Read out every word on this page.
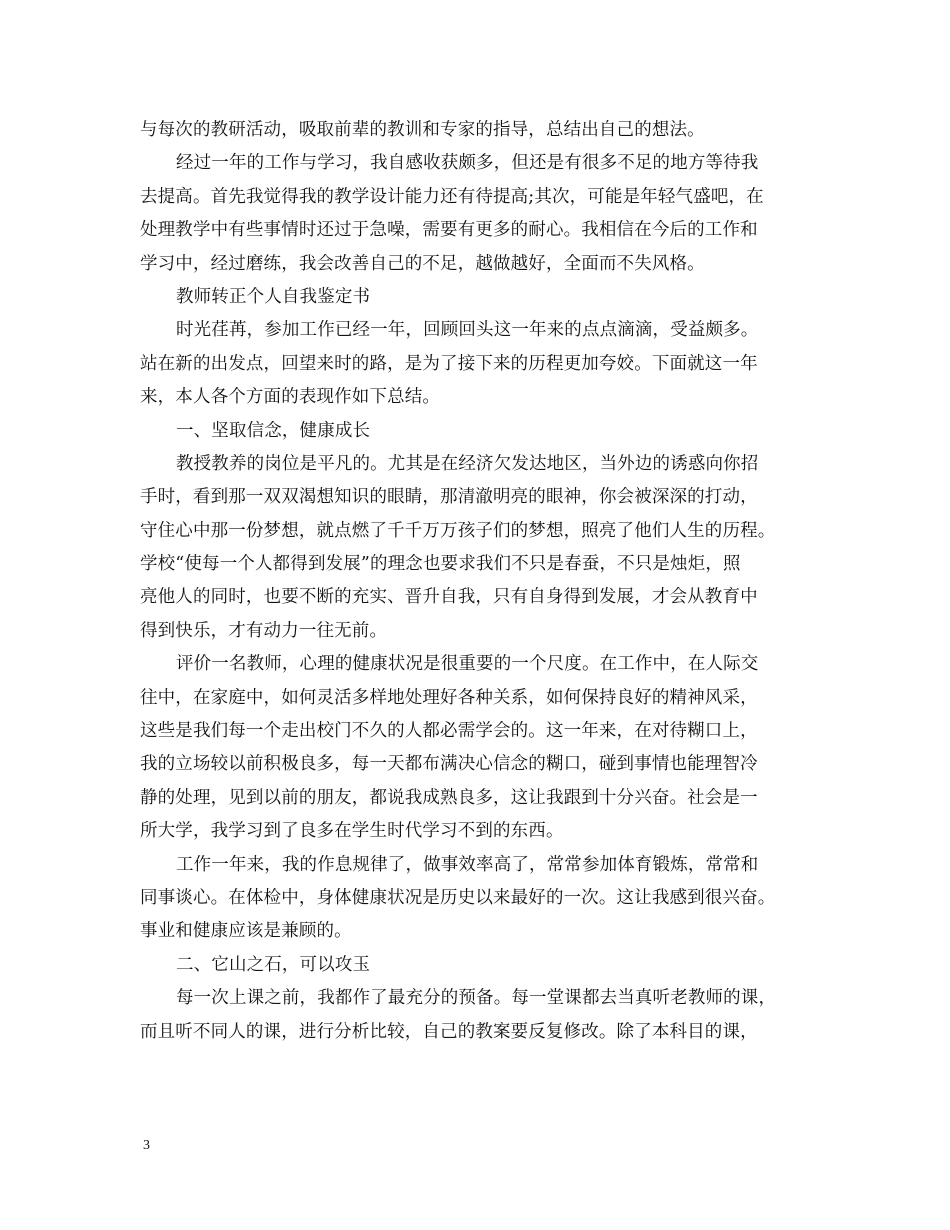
与每次的教研活动，吸取前辈的教训和专家的指导，总结出自己的想法。
经过一年的工作与学习，我自感收获颇多，但还是有很多不足的地方等待我
去提高。首先我觉得我的教学设计能力还有待提高;其次，可能是年轻气盛吧，在
处理教学中有些事情时还过于急噪，需要有更多的耐心。我相信在今后的工作和
学习中，经过磨练，我会改善自己的不足，越做越好，全面而不失风格。
教师转正个人自我鉴定书
时光荏苒，参加工作已经一年，回顾回头这一年来的点点滴滴，受益颇多。
站在新的出发点，回望来时的路，是为了接下来的历程更加夸姣。下面就这一年
来，本人各个方面的表现作如下总结。
一、坚取信念，健康成长
教授教养的岗位是平凡的。尤其是在经济欠发达地区，当外边的诱惑向你招
手时，看到那一双双渴想知识的眼睛，那清澈明亮的眼神，你会被深深的打动，
守住心中那一份梦想，就点燃了千千万万孩子们的梦想，照亮了他们人生的历程。
学校“使每一个人都得到发展”的理念也要求我们不只是春蚕，不只是烛炬，照
亮他人的同时，也要不断的充实、晋升自我，只有自身得到发展，才会从教育中
得到快乐，才有动力一往无前。
评价一名教师，心理的健康状况是很重要的一个尺度。在工作中，在人际交
往中，在家庭中，如何灵活多样地处理好各种关系，如何保持良好的精神风采，
这些是我们每一个走出校门不久的人都必需学会的。这一年来，在对待糊口上，
我的立场较以前积极良多，每一天都布满决心信念的糊口，碰到事情也能理智冷
静的处理，见到以前的朋友，都说我成熟良多，这让我跟到十分兴奋。社会是一
所大学，我学习到了良多在学生时代学习不到的东西。
工作一年来，我的作息规律了，做事效率高了，常常参加体育锻炼，常常和
同事谈心。在体检中，身体健康状况是历史以来最好的一次。这让我感到很兴奋。
事业和健康应该是兼顾的。
二、它山之石，可以攻玉
每一次上课之前，我都作了最充分的预备。每一堂课都去当真听老教师的课，
而且听不同人的课，进行分析比较，自己的教案要反复修改。除了本科目的课，
3
